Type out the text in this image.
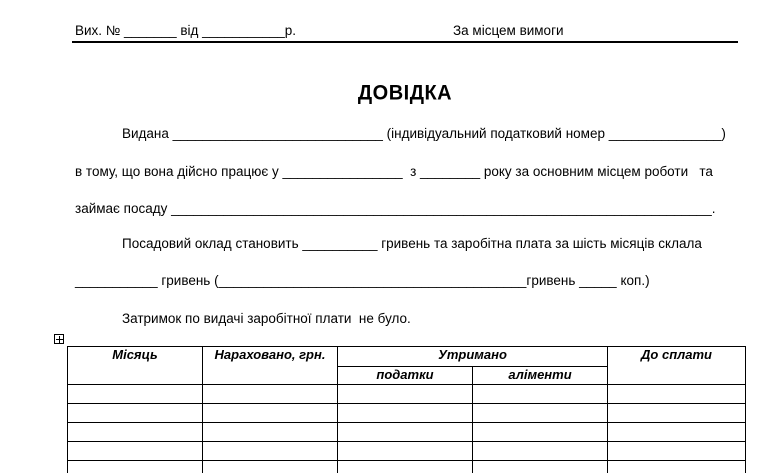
Вих. № _______ від ___________р.	За місцем вимоги
ДОВІДКА
Видана ____________________________ (індивідуальний податковий номер _______________)
в тому, що вона дійсно працює у ________________  з ________ року за основним місцем роботи   та
займає посаду ________________________________________________________________________.
Посадовий оклад становить __________ гривень та заробітна плата за шість місяців склала
___________ гривень (_________________________________________гривень _____ коп.)
Затримок по видачі заробітної плати  не було.
Місяць	Нараховано, грн.	Утримано		До сплати
		податки	аліменти	
